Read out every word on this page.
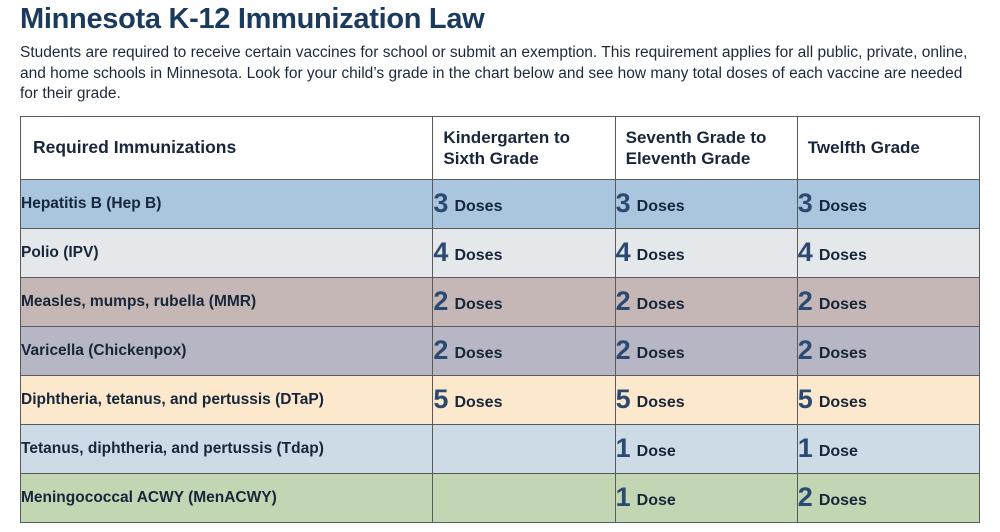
Minnesota K-12 Immunization Law

Students are required to receive certain vaccines for school or submit an exemption. This requirement applies for all public, private, online, and home schools in Minnesota. Look for your child’s grade in the chart below and see how many total doses of each vaccine are needed for their grade.

Required Immunizations	Kindergarten to Sixth Grade	Seventh Grade to Eleventh Grade	Twelfth Grade
Hepatitis B (Hep B)	3 Doses	3 Doses	3 Doses
Polio (IPV)	4 Doses	4 Doses	4 Doses
Measles, mumps, rubella (MMR)	2 Doses	2 Doses	2 Doses
Varicella (Chickenpox)	2 Doses	2 Doses	2 Doses
Diphtheria, tetanus, and pertussis (DTaP)	5 Doses	5 Doses	5 Doses
Tetanus, diphtheria, and pertussis (Tdap)		1 Dose	1 Dose
Meningococcal ACWY (MenACWY)		1 Dose	2 Doses
